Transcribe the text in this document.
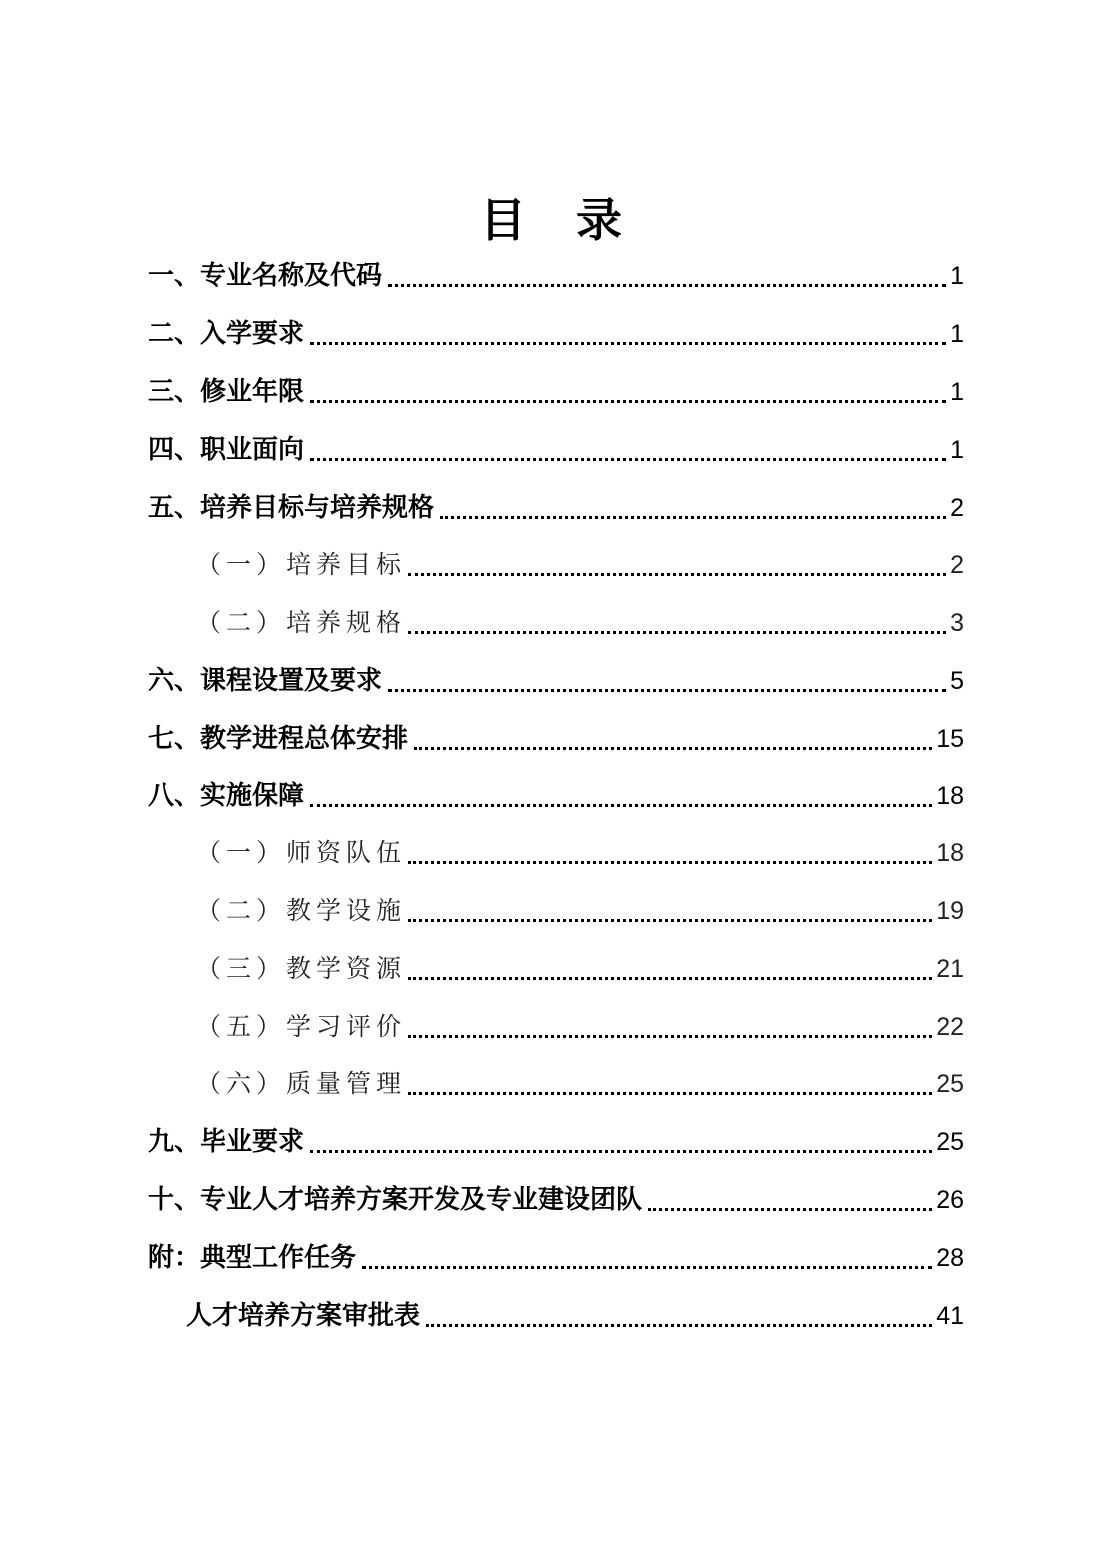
目 录
一、专业名称及代码	1
二、入学要求	1
三、修业年限	1
四、职业面向	1
五、培养目标与培养规格	2
（一）培养目标	2
（二）培养规格	3
六、课程设置及要求	5
七、教学进程总体安排	15
八、实施保障	18
（一）师资队伍	18
（二）教学设施	19
（三）教学资源	21
（五）学习评价	22
（六）质量管理	25
九、毕业要求	25
十、专业人才培养方案开发及专业建设团队	26
附：典型工作任务	28
人才培养方案审批表	41
